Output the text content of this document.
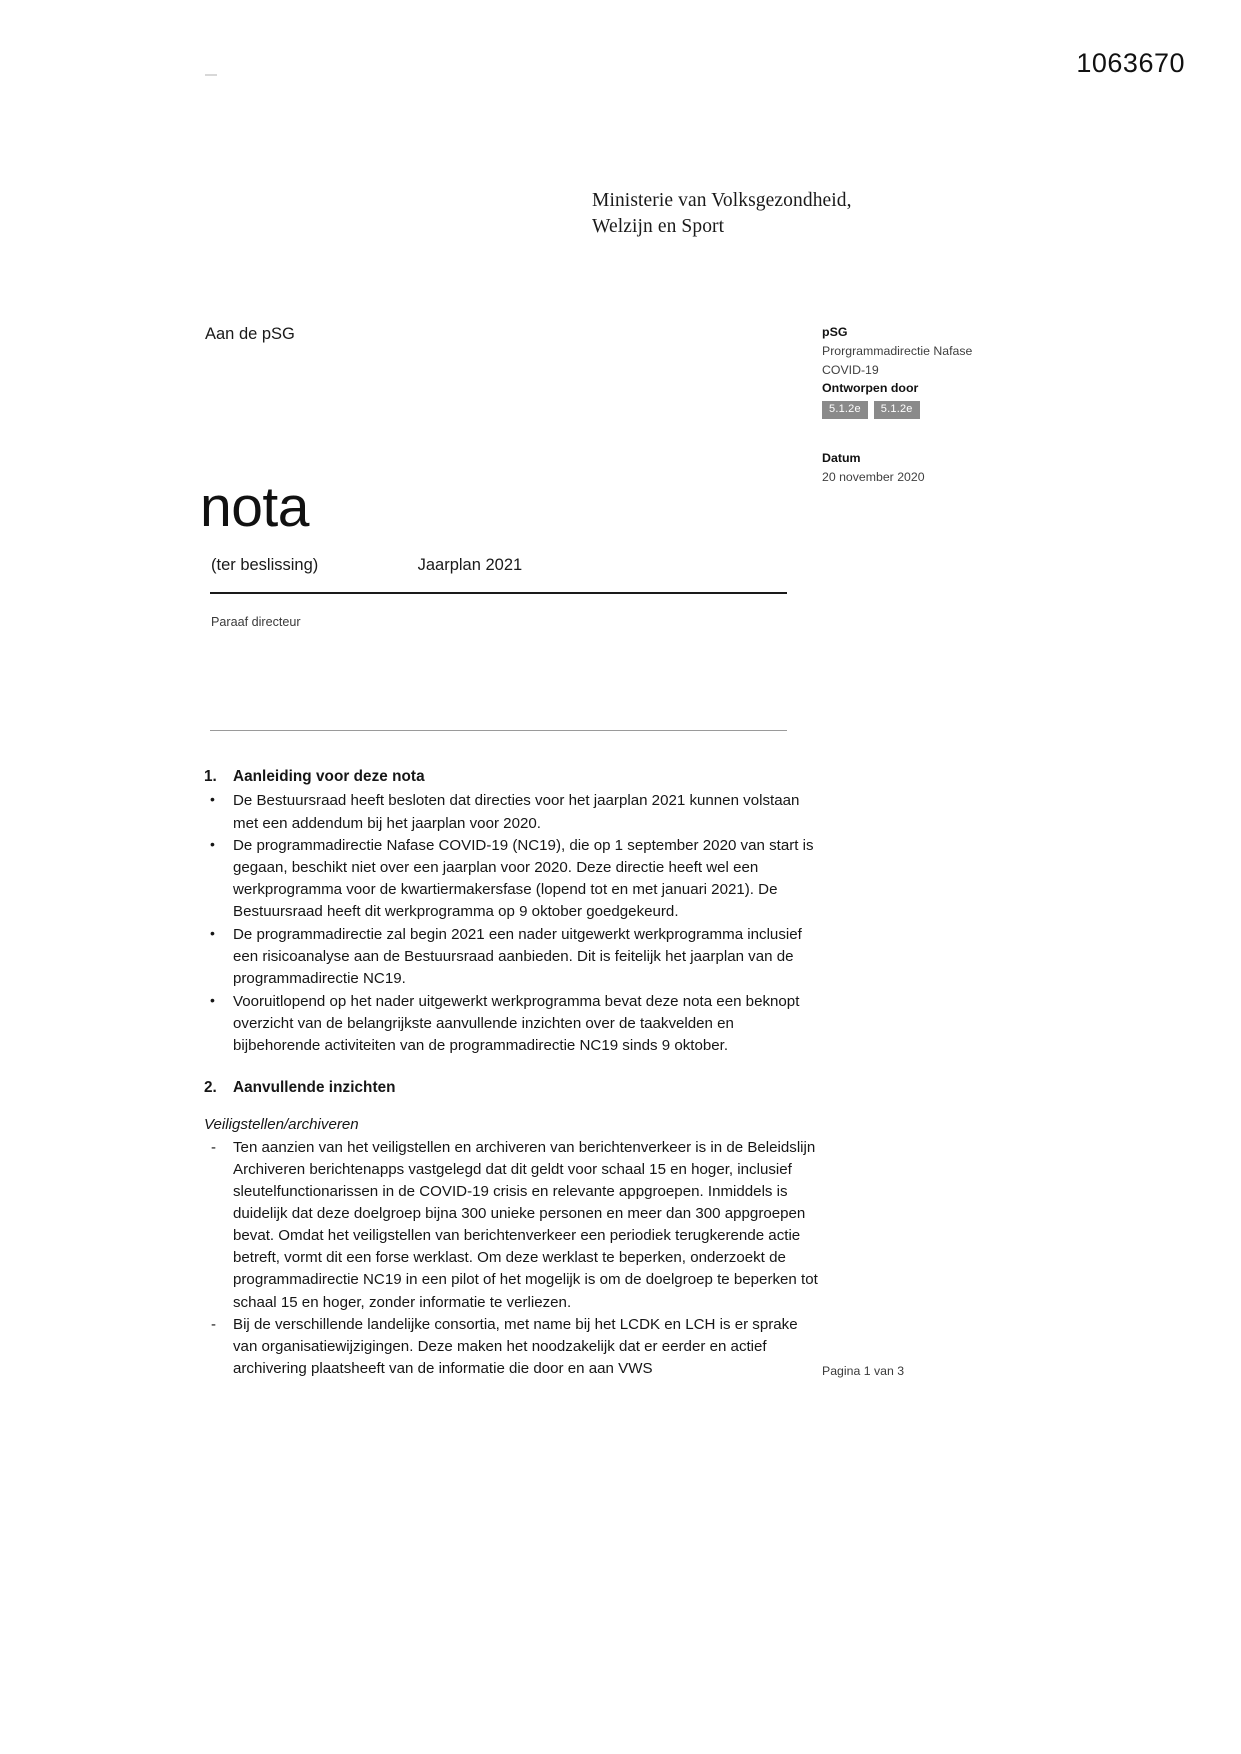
1063670
Ministerie van Volksgezondheid,
Welzijn en Sport
Aan de pSG	pSG
Prorgrammadirectie Nafase
COVID-19
Ontworpen door
5.1.2e	5.1.2e
Datum
20 november 2020
nota
(ter beslissing)	Jaarplan 2021
Paraaf directeur
1.	Aanleiding voor deze nota
• De Bestuursraad heeft besloten dat directies voor het jaarplan 2021 kunnen volstaan met een addendum bij het jaarplan voor 2020.
• De programmadirectie Nafase COVID-19 (NC19), die op 1 september 2020 van start is gegaan, beschikt niet over een jaarplan voor 2020. Deze directie heeft wel een werkprogramma voor de kwartiermakersfase (lopend tot en met januari 2021). De Bestuursraad heeft dit werkprogramma op 9 oktober goedgekeurd.
• De programmadirectie zal begin 2021 een nader uitgewerkt werkprogramma inclusief een risicoanalyse aan de Bestuursraad aanbieden. Dit is feitelijk het jaarplan van de programmadirectie NC19.
• Vooruitlopend op het nader uitgewerkt werkprogramma bevat deze nota een beknopt overzicht van de belangrijkste aanvullende inzichten over de taakvelden en bijbehorende activiteiten van de programmadirectie NC19 sinds 9 oktober.
2.	Aanvullende inzichten
Veiligstellen/archiveren
- Ten aanzien van het veiligstellen en archiveren van berichtenverkeer is in de Beleidslijn Archiveren berichtenapps vastgelegd dat dit geldt voor schaal 15 en hoger, inclusief sleutelfunctionarissen in de COVID-19 crisis en relevante appgroepen. Inmiddels is duidelijk dat deze doelgroep bijna 300 unieke personen en meer dan 300 appgroepen bevat. Omdat het veiligstellen van berichtenverkeer een periodiek terugkerende actie betreft, vormt dit een forse werklast. Om deze werklast te beperken, onderzoekt de programmadirectie NC19 in een pilot of het mogelijk is om de doelgroep te beperken tot schaal 15 en hoger, zonder informatie te verliezen.
- Bij de verschillende landelijke consortia, met name bij het LCDK en LCH is er sprake van organisatiewijzigingen. Deze maken het noodzakelijk dat er eerder en actief archivering plaatsheeft van de informatie die door en aan VWS	Pagina 1 van 3
